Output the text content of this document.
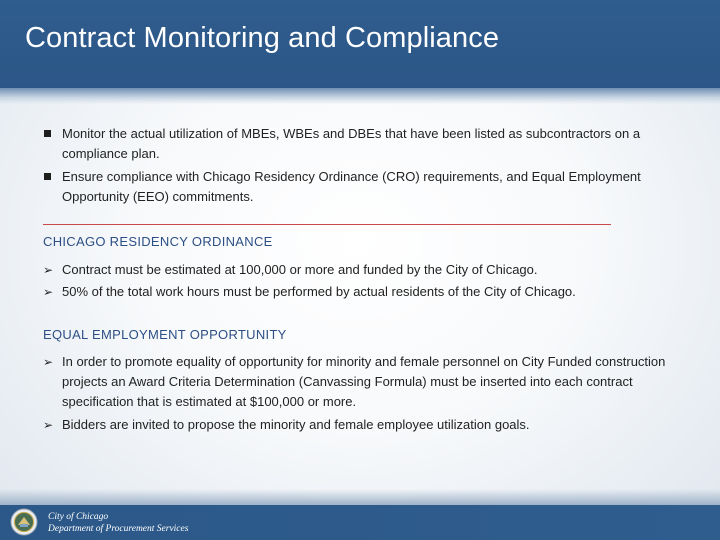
Contract Monitoring and Compliance
Monitor the actual utilization of MBEs, WBEs and DBEs that have been listed as subcontractors on a compliance plan.
Ensure compliance with Chicago Residency Ordinance (CRO) requirements, and Equal Employment Opportunity (EEO) commitments.
CHICAGO RESIDENCY ORDINANCE
➢ Contract must be estimated at 100,000 or more and funded by the City of Chicago.
➢ 50% of the total work hours must be performed by actual residents of the City of Chicago.
EQUAL EMPLOYMENT OPPORTUNITY
➢ In order to promote equality of opportunity for minority and female personnel on City Funded construction projects an Award Criteria Determination (Canvassing Formula) must be inserted into each contract specification that is estimated at $100,000 or more.
➢ Bidders are invited to propose the minority and female employee utilization goals.
City of Chicago
Department of Procurement Services
